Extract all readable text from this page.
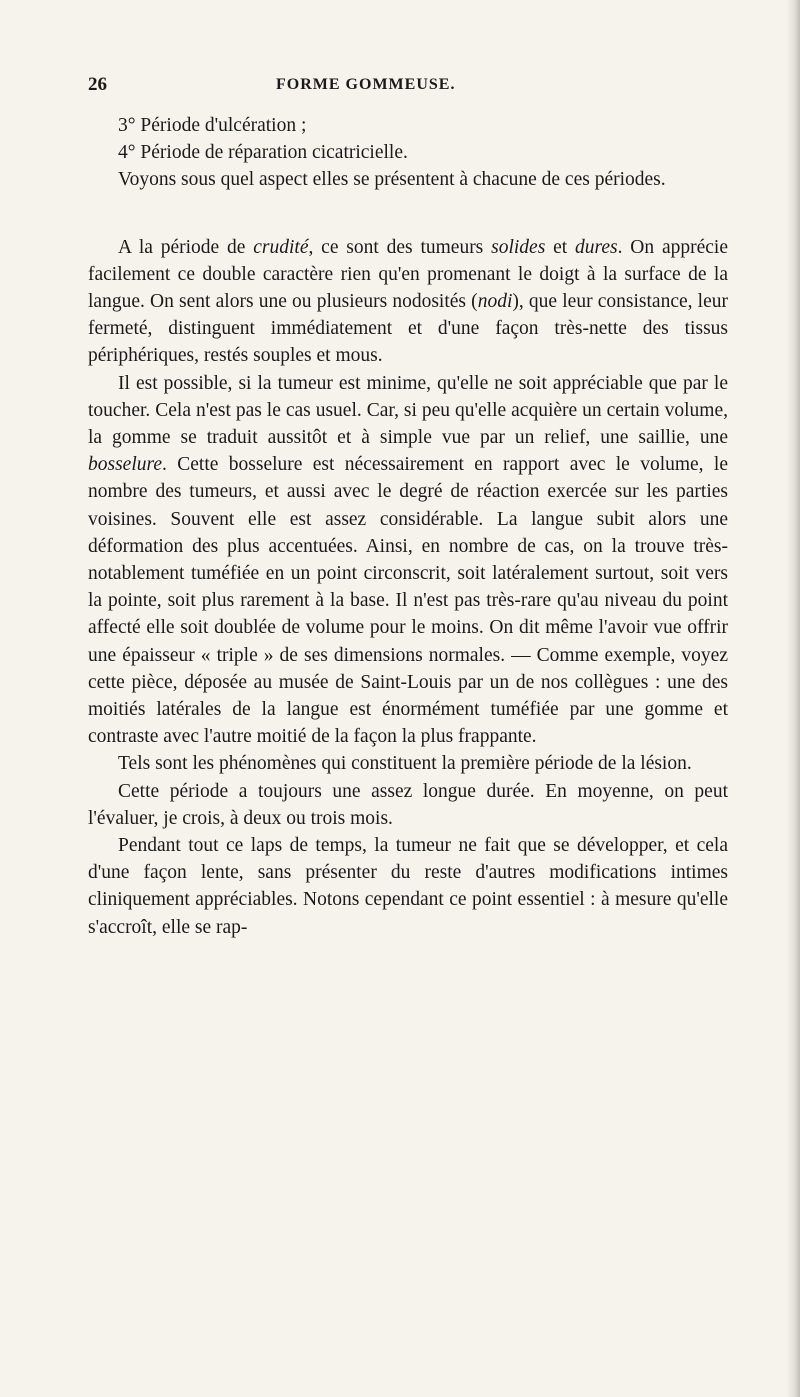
26	FORME GOMMEUSE.

3° Période d'ulcération ;

4° Période de réparation cicatricielle.

Voyons sous quel aspect elles se présentent à chacune de ces périodes.

A la période de crudité, ce sont des tumeurs solides et dures. On apprécie facilement ce double caractère rien qu'en promenant le doigt à la surface de la langue. On sent alors une ou plusieurs nodosités (nodi), que leur consistance, leur fermeté, distinguent immédiatement et d'une façon très-nette des tissus périphériques, restés souples et mous.

Il est possible, si la tumeur est minime, qu'elle ne soit appréciable que par le toucher. Cela n'est pas le cas usuel. Car, si peu qu'elle acquière un certain volume, la gomme se traduit aussitôt et à simple vue par un relief, une saillie, une bosselure. Cette bosselure est nécessairement en rapport avec le volume, le nombre des tumeurs, et aussi avec le degré de réaction exercée sur les parties voisines. Souvent elle est assez considérable. La langue subit alors une déformation des plus accentuées. Ainsi, en nombre de cas, on la trouve très-notablement tuméfiée en un point circonscrit, soit latéralement surtout, soit vers la pointe, soit plus rarement à la base. Il n'est pas très-rare qu'au niveau du point affecté elle soit doublée de volume pour le moins. On dit même l'avoir vue offrir une épaisseur « triple » de ses dimensions normales. — Comme exemple, voyez cette pièce, déposée au musée de Saint-Louis par un de nos collègues : une des moitiés latérales de la langue est énormément tuméfiée par une gomme et contraste avec l'autre moitié de la façon la plus frappante.

Tels sont les phénomènes qui constituent la première période de la lésion.

Cette période a toujours une assez longue durée. En moyenne, on peut l'évaluer, je crois, à deux ou trois mois.

Pendant tout ce laps de temps, la tumeur ne fait que se développer, et cela d'une façon lente, sans présenter du reste d'autres modifications intimes cliniquement appréciables. Notons cependant ce point essentiel : à mesure qu'elle s'accroît, elle se rap-
